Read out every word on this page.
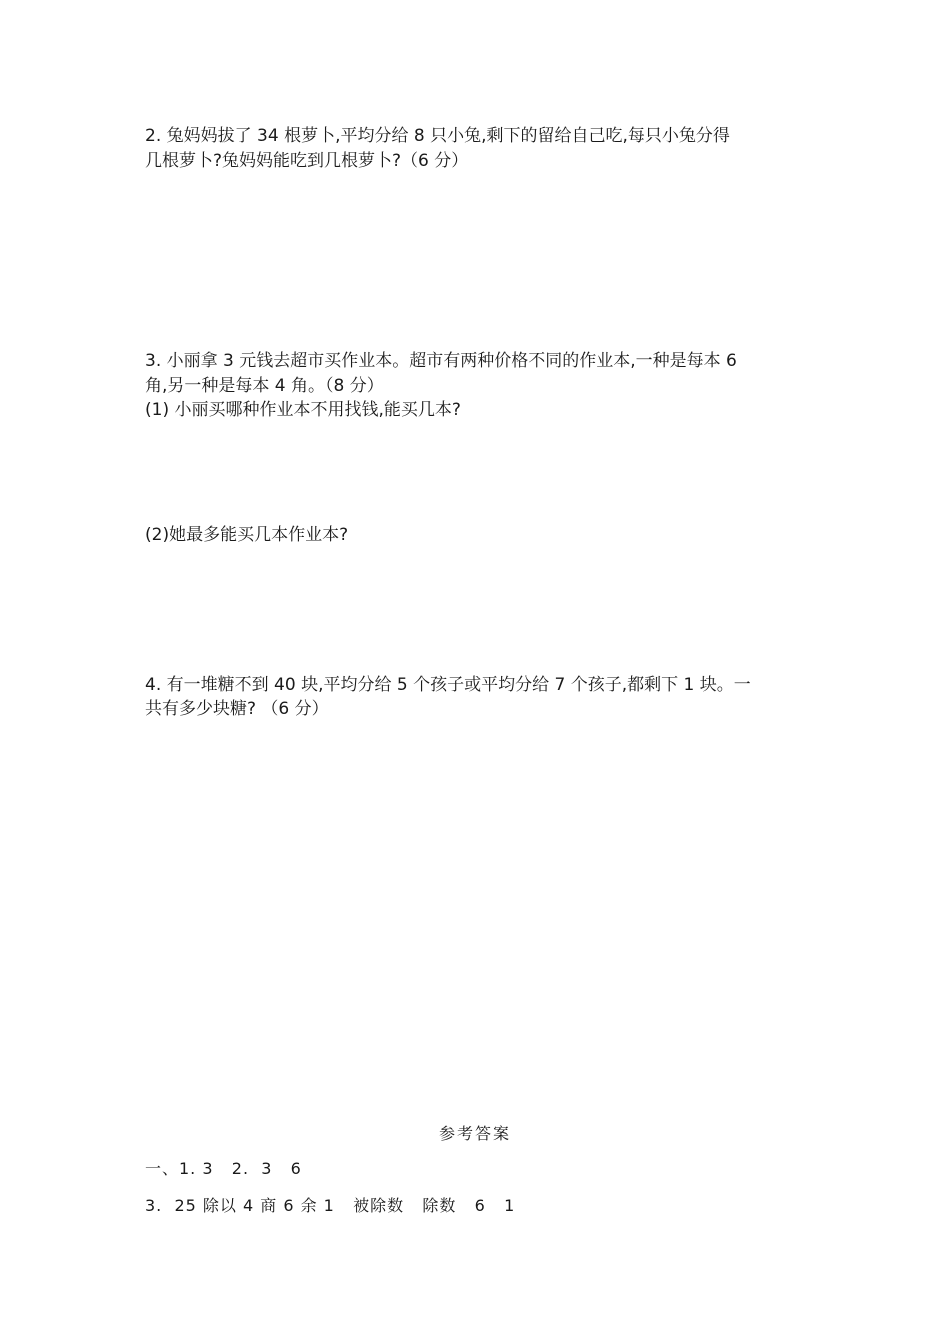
2. 兔妈妈拔了 34 根萝卜,平均分给 8 只小兔,剩下的留给自己吃,每只小兔分得

几根萝卜?兔妈妈能吃到几根萝卜?（6 分）

3. 小丽拿 3 元钱去超市买作业本。超市有两种价格不同的作业本,一种是每本 6

角,另一种是每本 4 角。（8 分）

(1) 小丽买哪种作业本不用找钱,能买几本?

(2)她最多能买几本作业本?

4. 有一堆糖不到 40 块,平均分给 5 个孩子或平均分给 7 个孩子,都剩下 1 块。一

共有多少块糖? （6 分）

参考答案

一、1. 3   2.  3   6

3.  25 除以 4 商 6 余 1   被除数   除数   6   1
